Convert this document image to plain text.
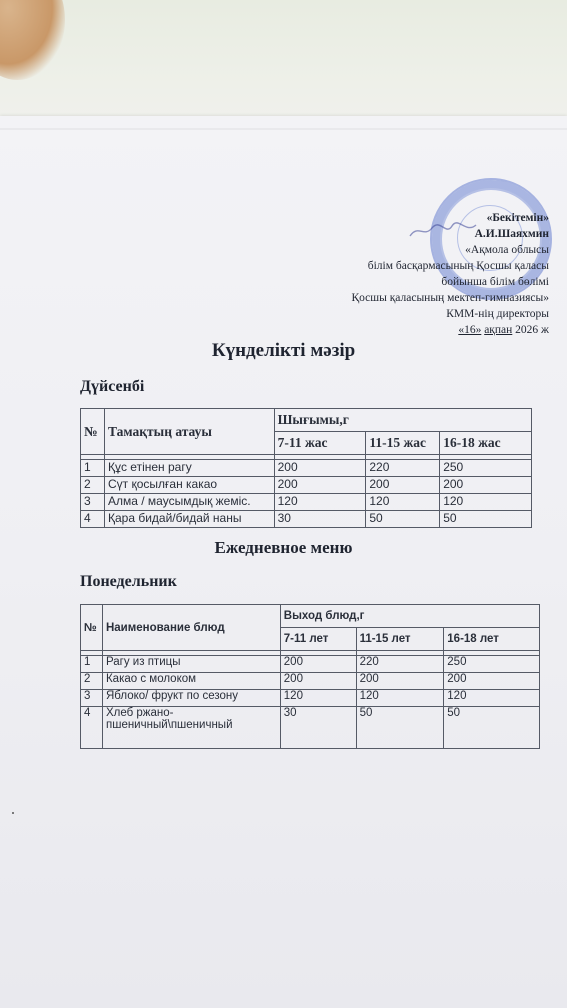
«Бекітемін»
А.И.Шаяхмин
«Ақмола облысы
білім басқармасының Қосшы қаласы
бойынша білім бөлімі
Қосшы қаласының мектеп-гимназиясы»
КММ-нің директоры
«16» ақпан 2026 ж
Күнделікті мәзір
Дүйсенбі
№	Тамақтың атауы	Шығымы,г		
		7-11 жас	11-15 жас	16-18 жас

1	Құс етінен рагу	200	220	250
2	Сүт қосылған какао	200	200	200
3	Алма / маусымдық жеміс.	120	120	120
4	Қара бидай/бидай наны	30	50	50
Ежедневное меню
Понедельник
№	Наименование блюд	Выход блюд,г		
		7-11 лет	11-15 лет	16-18 лет

1	Рагу из птицы	200	220	250
2	Какао с молоком	200	200	200
3	Яблоко/ фрукт по сезону	120	120	120
4	Хлеб ржано-пшеничный\пшеничный	30	50	50
